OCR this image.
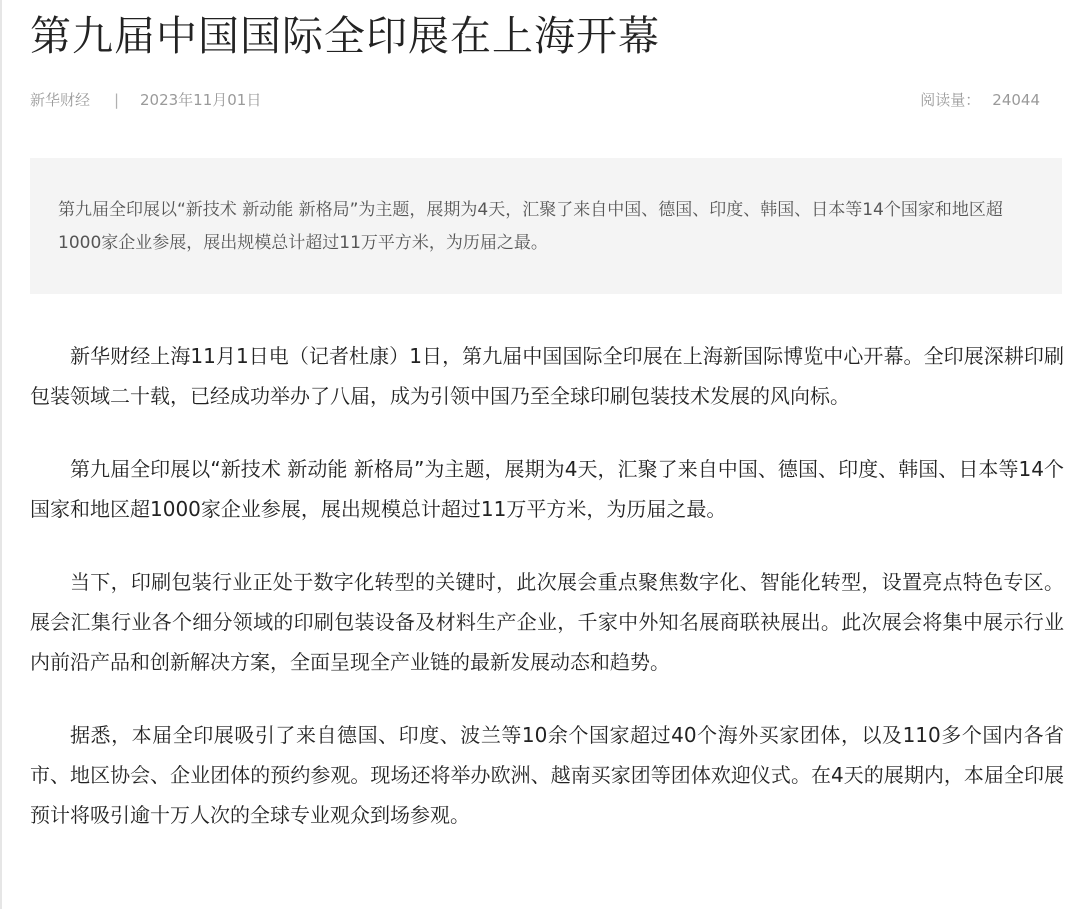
第九届中国国际全印展在上海开幕
新华财经 | 2023年11月01日	阅读量： 24044
第九届全印展以“新技术 新动能 新格局”为主题，展期为4天，汇聚了来自中国、德国、印度、韩国、日本等14个国家和地区超1000家企业参展，展出规模总计超过11万平方米，为历届之最。

新华财经上海11月1日电（记者杜康）1日，第九届中国国际全印展在上海新国际博览中心开幕。全印展深耕印刷包装领域二十载，已经成功举办了八届，成为引领中国乃至全球印刷包装技术发展的风向标。

第九届全印展以“新技术 新动能 新格局”为主题，展期为4天，汇聚了来自中国、德国、印度、韩国、日本等14个国家和地区超1000家企业参展，展出规模总计超过11万平方米，为历届之最。

当下，印刷包装行业正处于数字化转型的关键时，此次展会重点聚焦数字化、智能化转型，设置亮点特色专区。展会汇集行业各个细分领域的印刷包装设备及材料生产企业，千家中外知名展商联袂展出。此次展会将集中展示行业内前沿产品和创新解决方案，全面呈现全产业链的最新发展动态和趋势。

据悉，本届全印展吸引了来自德国、印度、波兰等10余个国家超过40个海外买家团体，以及110多个国内各省市、地区协会、企业团体的预约参观。现场还将举办欧洲、越南买家团等团体欢迎仪式。在4天的展期内，本届全印展预计将吸引逾十万人次的全球专业观众到场参观。
